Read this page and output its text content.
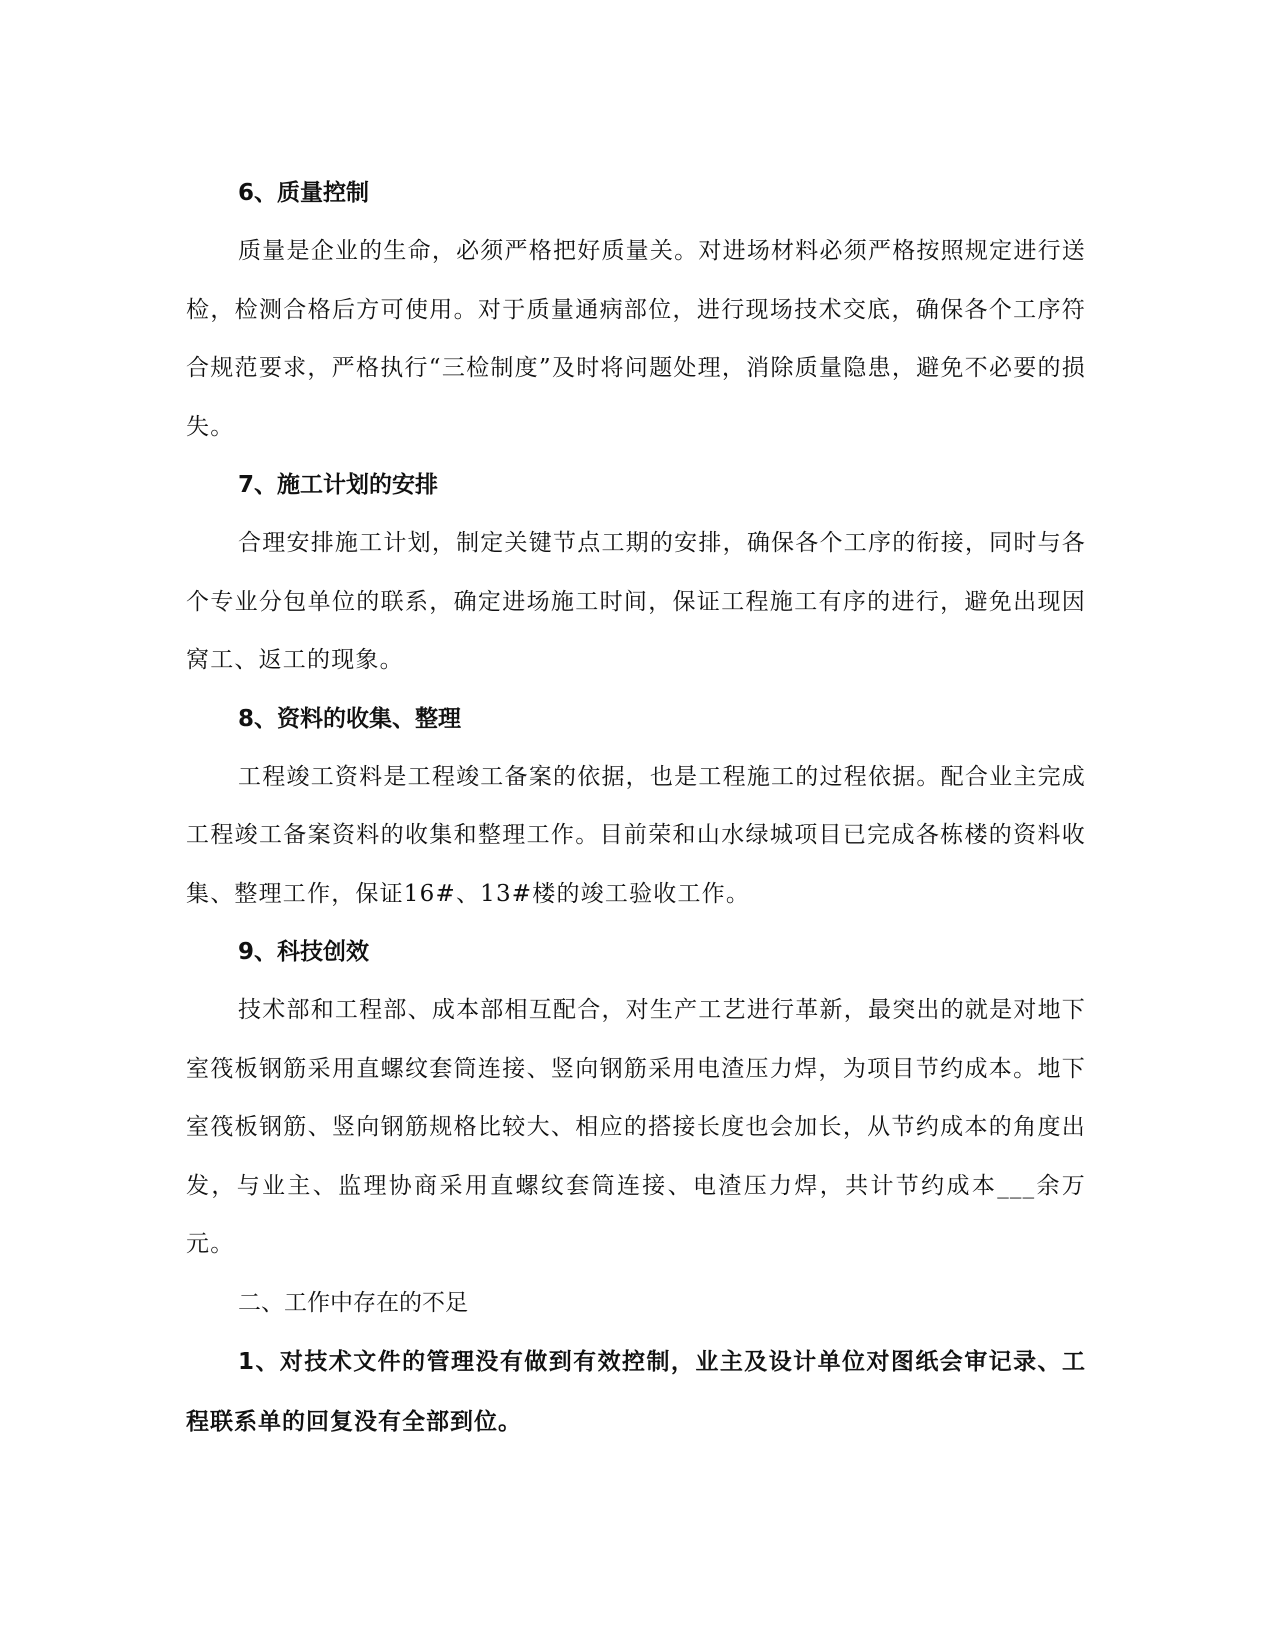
6、质量控制

质量是企业的生命，必须严格把好质量关。对进场材料必须严格按照规定进行送检，检测合格后方可使用。对于质量通病部位，进行现场技术交底，确保各个工序符合规范要求，严格执行“三检制度”及时将问题处理，消除质量隐患，避免不必要的损失。

7、施工计划的安排

合理安排施工计划，制定关键节点工期的安排，确保各个工序的衔接，同时与各个专业分包单位的联系，确定进场施工时间，保证工程施工有序的进行，避免出现因窝工、返工的现象。

8、资料的收集、整理

工程竣工资料是工程竣工备案的依据，也是工程施工的过程依据。配合业主完成工程竣工备案资料的收集和整理工作。目前荣和山水绿城项目已完成各栋楼的资料收集、整理工作，保证16#、13#楼的竣工验收工作。

9、科技创效

技术部和工程部、成本部相互配合，对生产工艺进行革新，最突出的就是对地下室筏板钢筋采用直螺纹套筒连接、竖向钢筋采用电渣压力焊，为项目节约成本。地下室筏板钢筋、竖向钢筋规格比较大、相应的搭接长度也会加长，从节约成本的角度出发，与业主、监理协商采用直螺纹套筒连接、电渣压力焊，共计节约成本___余万元。

二、工作中存在的不足

1、对技术文件的管理没有做到有效控制，业主及设计单位对图纸会审记录、工程联系单的回复没有全部到位。
